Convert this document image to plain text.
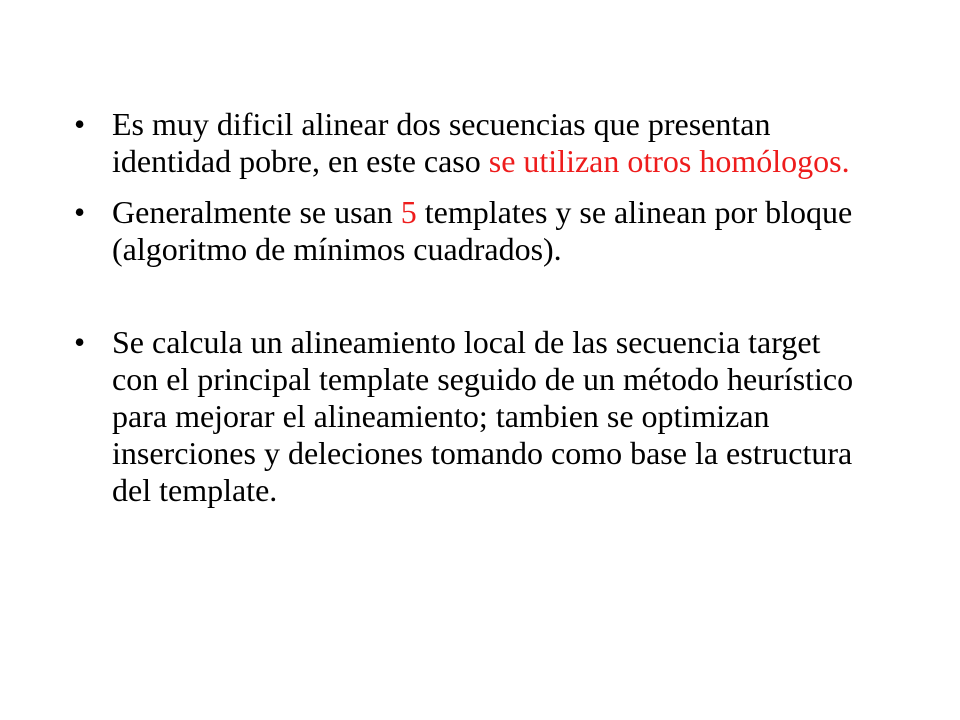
• Es muy dificil alinear dos secuencias que presentan identidad pobre, en este caso se utilizan otros homólogos.
• Generalmente se usan 5 templates y se alinean por bloque (algoritmo de mínimos cuadrados).
• Se calcula un alineamiento local de las secuencia target con el principal template seguido de un método heurístico para mejorar el alineamiento; tambien se optimizan inserciones y deleciones tomando como base la estructura del template.
